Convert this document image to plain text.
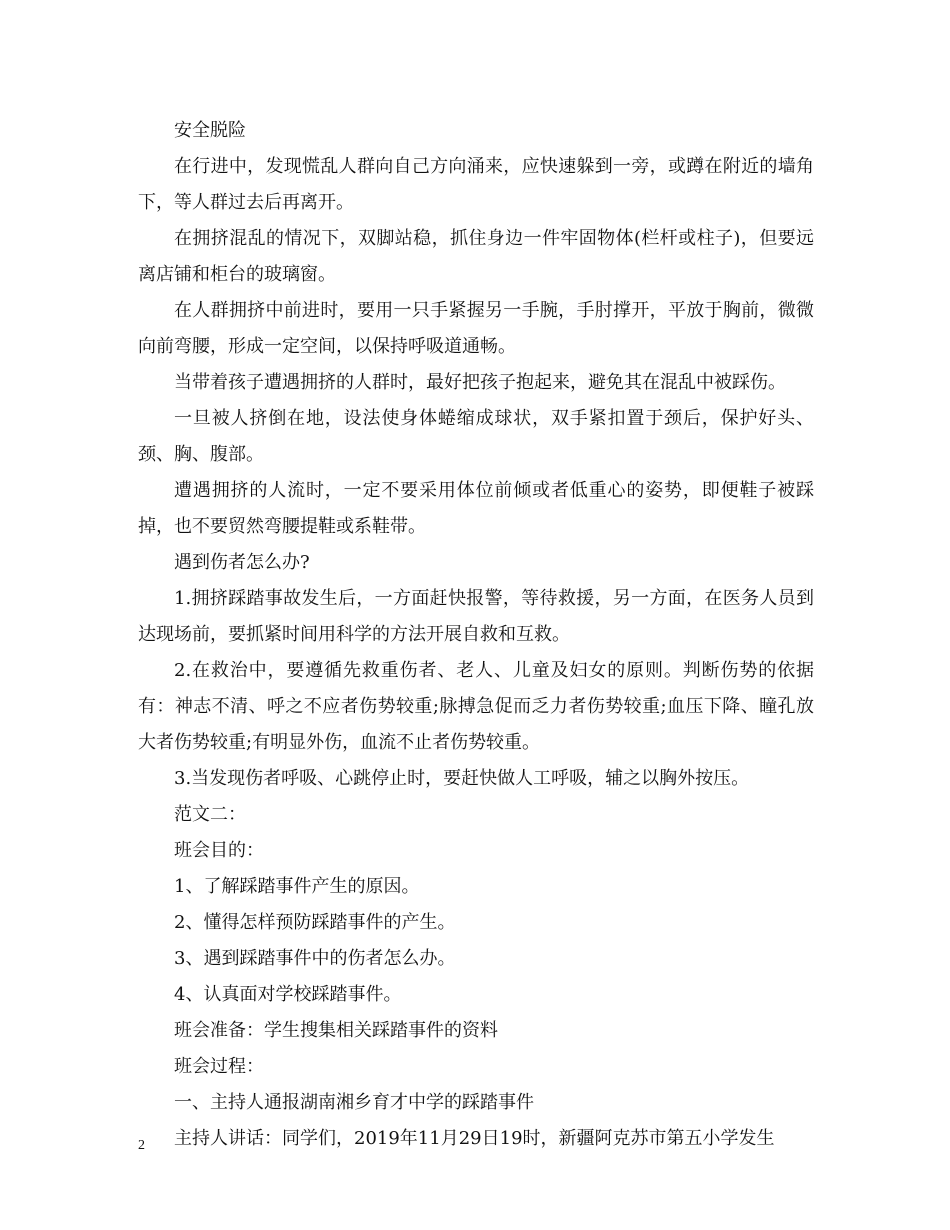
安全脱险

在行进中，发现慌乱人群向自己方向涌来，应快速躲到一旁，或蹲在附近的墙角下，等人群过去后再离开。

在拥挤混乱的情况下，双脚站稳，抓住身边一件牢固物体(栏杆或柱子)，但要远离店铺和柜台的玻璃窗。

在人群拥挤中前进时，要用一只手紧握另一手腕，手肘撑开，平放于胸前，微微向前弯腰，形成一定空间，以保持呼吸道通畅。

当带着孩子遭遇拥挤的人群时，最好把孩子抱起来，避免其在混乱中被踩伤。

一旦被人挤倒在地，设法使身体蜷缩成球状，双手紧扣置于颈后，保护好头、颈、胸、腹部。

遭遇拥挤的人流时，一定不要采用体位前倾或者低重心的姿势，即便鞋子被踩掉，也不要贸然弯腰提鞋或系鞋带。

遇到伤者怎么办?

1.拥挤踩踏事故发生后，一方面赶快报警，等待救援，另一方面，在医务人员到达现场前，要抓紧时间用科学的方法开展自救和互救。

2.在救治中，要遵循先救重伤者、老人、儿童及妇女的原则。判断伤势的依据有：神志不清、呼之不应者伤势较重;脉搏急促而乏力者伤势较重;血压下降、瞳孔放大者伤势较重;有明显外伤，血流不止者伤势较重。

3.当发现伤者呼吸、心跳停止时，要赶快做人工呼吸，辅之以胸外按压。

范文二：

班会目的：

1、了解踩踏事件产生的原因。

2、懂得怎样预防踩踏事件的产生。

3、遇到踩踏事件中的伤者怎么办。

4、认真面对学校踩踏事件。

班会准备：学生搜集相关踩踏事件的资料

班会过程：

一、主持人通报湖南湘乡育才中学的踩踏事件

主持人讲话：同学们，2019年11月29日19时，新疆阿克苏市第五小学发生

2
